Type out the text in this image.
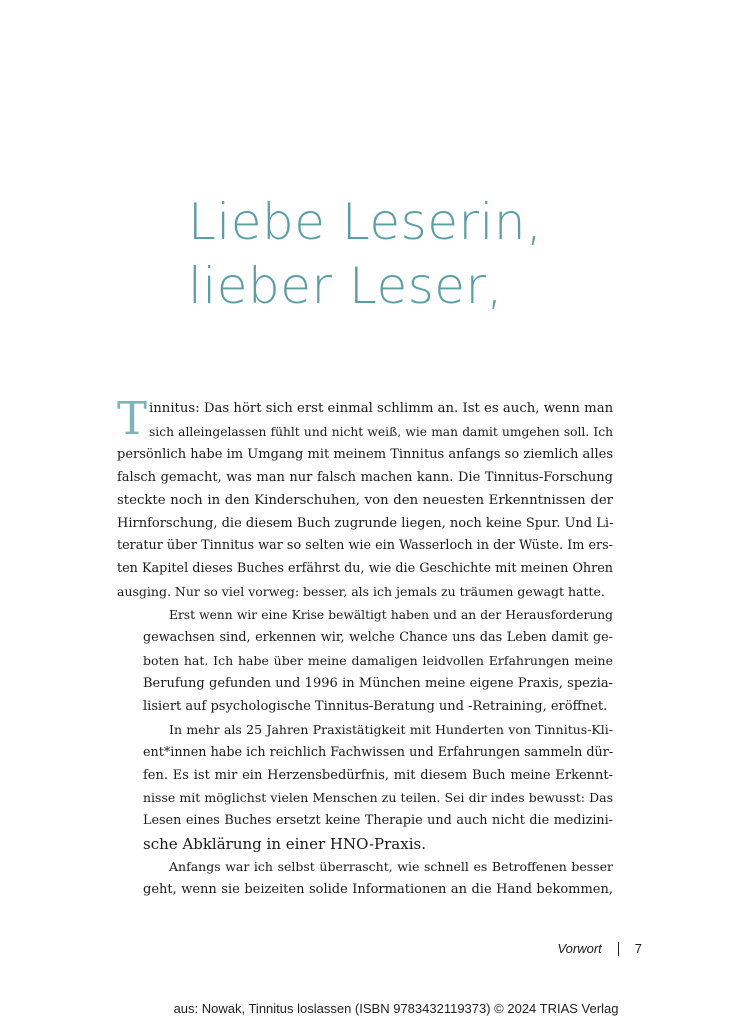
Liebe Leserin,
lieber Leser,

T innitus: Das hört sich erst einmal schlimm an. Ist es auch, wenn man
sich alleingelassen fühlt und nicht weiß, wie man damit umgehen soll. Ich
persönlich habe im Umgang mit meinem Tinnitus anfangs so ziemlich alles
falsch gemacht, was man nur falsch machen kann. Die Tinnitus-Forschung
steckte noch in den Kinderschuhen, von den neuesten Erkenntnissen der
Hirnforschung, die diesem Buch zugrunde liegen, noch keine Spur. Und Li-
teratur über Tinnitus war so selten wie ein Wasserloch in der Wüste. Im ers-
ten Kapitel dieses Buches erfährst du, wie die Geschichte mit meinen Ohren
ausging. Nur so viel vorweg: besser, als ich jemals zu träumen gewagt hatte.

Erst wenn wir eine Krise bewältigt haben und an der Herausforderung
gewachsen sind, erkennen wir, welche Chance uns das Leben damit ge-
boten hat. Ich habe über meine damaligen leidvollen Erfahrungen meine
Berufung gefunden und 1996 in München meine eigene Praxis, spezia-
lisiert auf psychologische Tinnitus-Beratung und -Retraining, eröffnet.

In mehr als 25 Jahren Praxistätigkeit mit Hunderten von Tinnitus-Kli-
ent*innen habe ich reichlich Fachwissen und Erfahrungen sammeln dür-
fen. Es ist mir ein Herzensbedürfnis, mit diesem Buch meine Erkennt-
nisse mit möglichst vielen Menschen zu teilen. Sei dir indes bewusst: Das
Lesen eines Buches ersetzt keine Therapie und auch nicht die medizini-
sche Abklärung in einer HNO-Praxis.

Anfangs war ich selbst überrascht, wie schnell es Betroffenen besser
geht, wenn sie beizeiten solide Informationen an die Hand bekommen,

Vorwort	7
aus: Nowak, Tinnitus loslassen (ISBN 9783432119373) © 2024 TRIAS Verlag
